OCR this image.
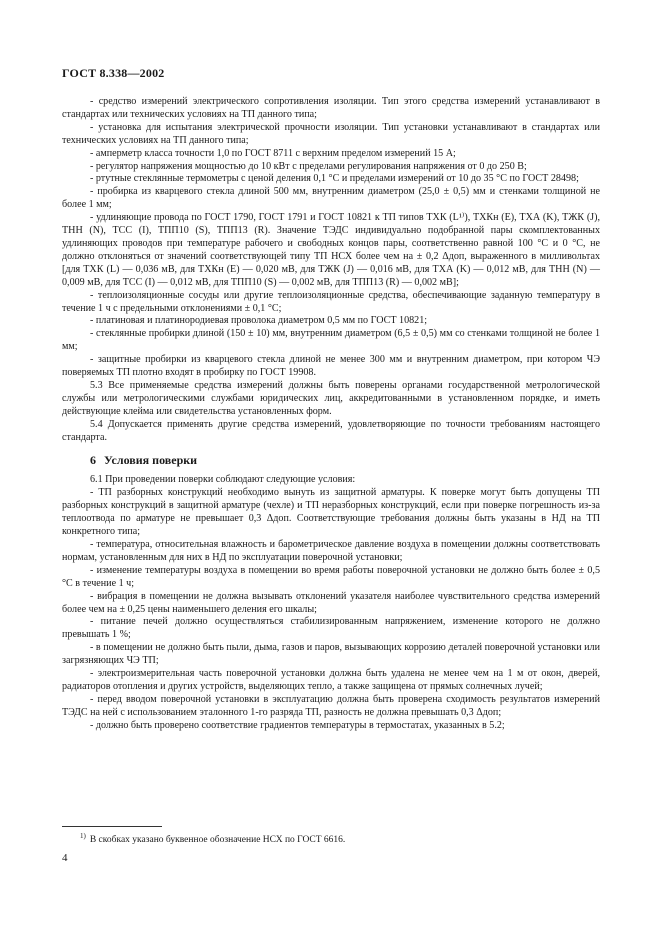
ГОСТ 8.338—2002

- средство измерений электрического сопротивления изоляции. Тип этого средства измерений устанавливают в стандартах или технических условиях на ТП данного типа;

- установка для испытания электрической прочности изоляции. Тип установки устанавливают в стандартах или технических условиях на ТП данного типа;

- амперметр класса точности 1,0 по ГОСТ 8711 с верхним пределом измерений 15 А;

- регулятор напряжения мощностью до 10 кВт с пределами регулирования напряжения от 0 до 250 В;

- ртутные стеклянные термометры с ценой деления 0,1 °С и пределами измерений от 10 до 35 °С по ГОСТ 28498;

- пробирка из кварцевого стекла длиной 500 мм, внутренним диаметром (25,0 ± 0,5) мм и стенками толщиной не более 1 мм;

- удлиняющие провода по ГОСТ 1790, ГОСТ 1791 и ГОСТ 10821 к ТП типов ТХК (L¹⁾), ТХКн (E), ТХА (K), ТЖК (J), ТНН (N), ТСС (I), ТПП10 (S), ТПП13 (R). Значение ТЭДС индивидуально подобранной пары скомплектованных удлиняющих проводов при температуре рабочего и свободных концов пары, соответственно равной 100 °С и 0 °С, не должно отклоняться от значений соответствующей типу ТП НСХ более чем на ± 0,2 Δдоп, выраженного в милливольтах [для ТХК (L) — 0,036 мВ, для ТХКн (E) — 0,020 мВ, для ТЖК (J) — 0,016 мВ, для ТХА (K) — 0,012 мВ, для ТНН (N) — 0,009 мВ, для ТСС (I) — 0,012 мВ, для ТПП10 (S) — 0,002 мВ, для ТПП13 (R) — 0,002 мВ];

- теплоизоляционные сосуды или другие теплоизоляционные средства, обеспечивающие заданную температуру в течение 1 ч с предельными отклонениями ± 0,1 °С;

- платиновая и платинородиевая проволока диаметром 0,5 мм по ГОСТ 10821;

- стеклянные пробирки длиной (150 ± 10) мм, внутренним диаметром (6,5 ± 0,5) мм со стенками толщиной не более 1 мм;

- защитные пробирки из кварцевого стекла длиной не менее 300 мм и внутренним диаметром, при котором ЧЭ поверяемых ТП плотно входят в пробирку по ГОСТ 19908.

5.3 Все применяемые средства измерений должны быть поверены органами государственной метрологической службы или метрологическими службами юридических лиц, аккредитованными в установленном порядке, и иметь действующие клейма или свидетельства установленных форм.

5.4 Допускается применять другие средства измерений, удовлетворяющие по точности требованиям настоящего стандарта.

6 Условия поверки

6.1 При проведении поверки соблюдают следующие условия:

- ТП разборных конструкций необходимо вынуть из защитной арматуры. К поверке могут быть допущены ТП разборных конструкций в защитной арматуре (чехле) и ТП неразборных конструкций, если при поверке погрешность из-за теплоотвода по арматуре не превышает 0,3 Δдоп. Соответствующие требования должны быть указаны в НД на ТП конкретного типа;

- температура, относительная влажность и барометрическое давление воздуха в помещении должны соответствовать нормам, установленным для них в НД по эксплуатации поверочной установки;

- изменение температуры воздуха в помещении во время работы поверочной установки не должно быть более ± 0,5 °С в течение 1 ч;

- вибрация в помещении не должна вызывать отклонений указателя наиболее чувствительного средства измерений более чем на ± 0,25 цены наименьшего деления его шкалы;

- питание печей должно осуществляться стабилизированным напряжением, изменение которого не должно превышать 1 %;

- в помещении не должно быть пыли, дыма, газов и паров, вызывающих коррозию деталей поверочной установки или загрязняющих ЧЭ ТП;

- электроизмерительная часть поверочной установки должна быть удалена не менее чем на 1 м от окон, дверей, радиаторов отопления и других устройств, выделяющих тепло, а также защищена от прямых солнечных лучей;

- перед вводом поверочной установки в эксплуатацию должна быть проверена сходимость результатов измерений ТЭДС на ней с использованием эталонного 1-го разряда ТП, разность не должна превышать 0,3 Δдоп;

- должно быть проверено соответствие градиентов температуры в термостатах, указанных в 5.2;

$^{1)}$ В скобках указано буквенное обозначение НСХ по ГОСТ 6616.
4
